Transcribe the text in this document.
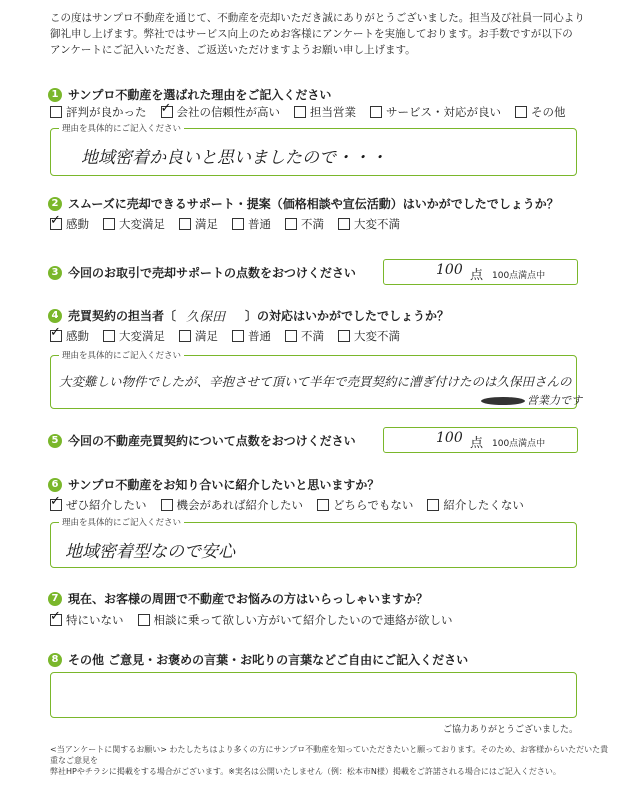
この度はサンプロ不動産を通じて、不動産を売却いただき誠にありがとうございました。担当及び社員一同心より
御礼申し上げます。弊社ではサービス向上のためお客様にアンケートを実施しております。お手数ですが以下の
アンケートにご記入いただき、ご返送いただけますようお願い申し上げます。
1 サンプロ不動産を選ばれた理由をご記入ください
評判が良かった
✓	会社の信頼性が高い	担当営業	サービス・対応が良い	その他
理由を具体的にご記入ください
地域密着か良いと思いましたので・・・
2 スムーズに売却できるサポート・提案（価格相談や宣伝活動）はいかがでしたでしょうか？
✓
感動	大変満足	満足	普通	不満	大変不満
3 今回のお取引で売却サポートの点数をおつけください	100 点 100点満点中
4 売買契約の担当者〔 久保田 〕の対応はいかがでしたでしょうか？
✓
感動	大変満足	満足	普通	不満	大変不満
理由を具体的にご記入ください
大変難しい物件でしたが、辛抱させて頂いて半年で売買契約に漕ぎ付けたのは久保田さんの
営業力です
5 今回の不動産売買契約について点数をおつけください	100 点 100点満点中
6 サンプロ不動産をお知り合いに紹介したいと思いますか？
✓
ぜひ紹介したい	機会があれば紹介したい	どちらでもない	紹介したくない
理由を具体的にご記入ください
地域密着型なので安心
7 現在、お客様の周囲で不動産でお悩みの方はいらっしゃいますか？
✓
特にいない	相談に乗って欲しい方がいて紹介したいので連絡が欲しい
8 その他 ご意見・お褒めの言葉・お叱りの言葉などご自由にご記入ください
ご協力ありがとうございました。
<当アンケートに関するお願い> わたしたちはより多くの方にサンプロ不動産を知っていただきたいと願っております。そのため、お客様からいただいた貴重なご意見を
弊社HPやチラシに掲載をする場合がございます。※実名は公開いたしません（例：松本市N様）掲載をご許諾される場合にはご記入ください。
